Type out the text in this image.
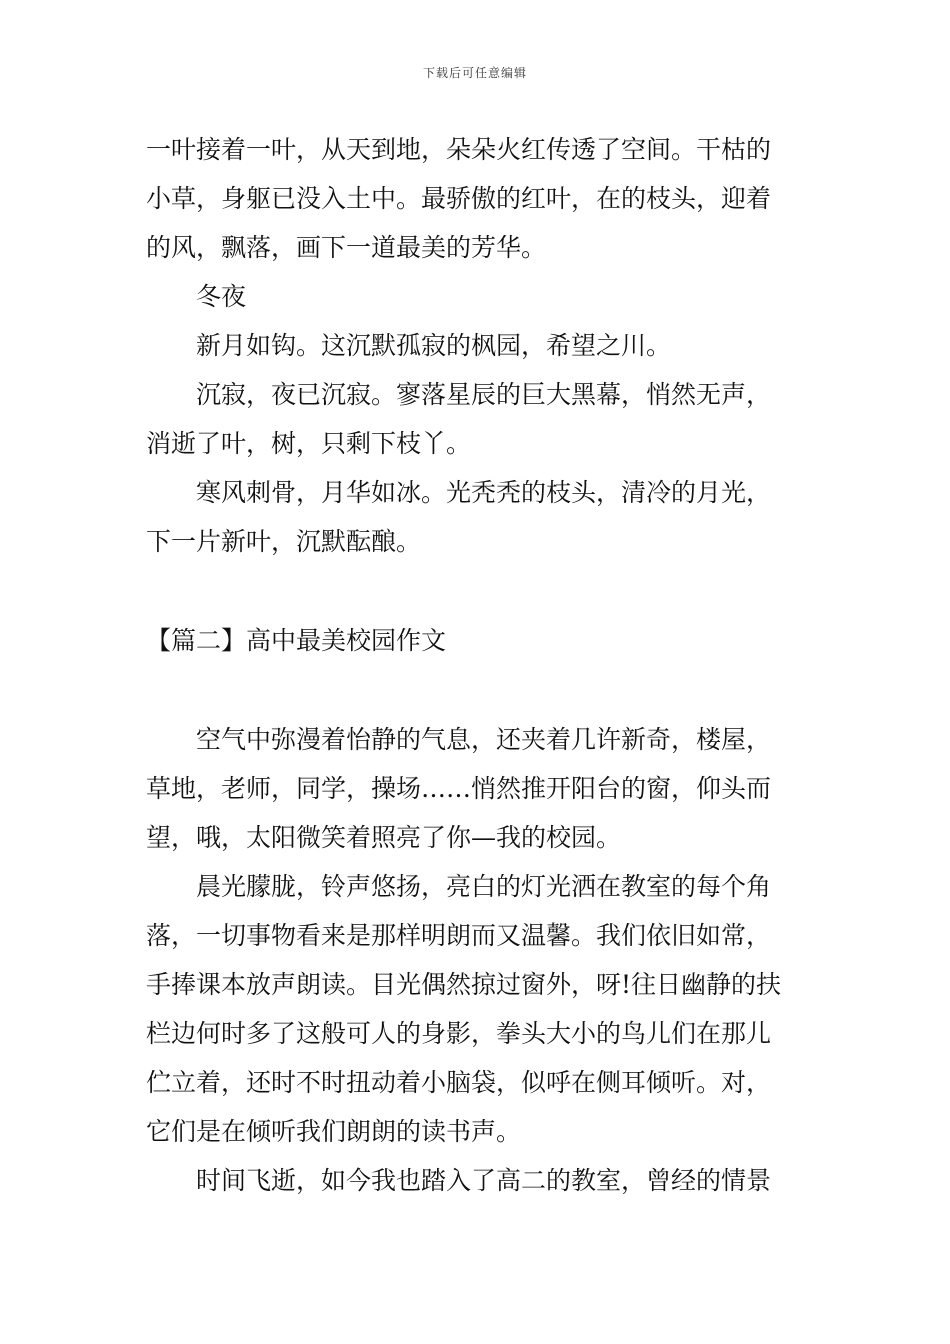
下载后可任意编辑

一叶接着一叶，从天到地，朵朵火红传透了空间。干枯的
小草，身躯已没入土中。最骄傲的红叶，在的枝头，迎着
的风，飘落，画下一道最美的芳华。

冬夜

新月如钩。这沉默孤寂的枫园，希望之川。

沉寂，夜已沉寂。寥落星辰的巨大黑幕，悄然无声，
消逝了叶，树，只剩下枝丫。

寒风刺骨，月华如冰。光秃秃的枝头，清冷的月光，
下一片新叶，沉默酝酿。

【篇二】高中最美校园作文

空气中弥漫着怡静的气息，还夹着几许新奇，楼屋，
草地，老师，同学，操场……悄然推开阳台的窗，仰头而
望，哦，太阳微笑着照亮了你—我的校园。

晨光朦胧，铃声悠扬，亮白的灯光洒在教室的每个角
落，一切事物看来是那样明朗而又温馨。我们依旧如常，
手捧课本放声朗读。目光偶然掠过窗外，呀!往日幽静的扶
栏边何时多了这般可人的身影，拳头大小的鸟儿们在那儿
伫立着，还时不时扭动着小脑袋，似呼在侧耳倾听。对，
它们是在倾听我们朗朗的读书声。

时间飞逝，如今我也踏入了高二的教室，曾经的情景
